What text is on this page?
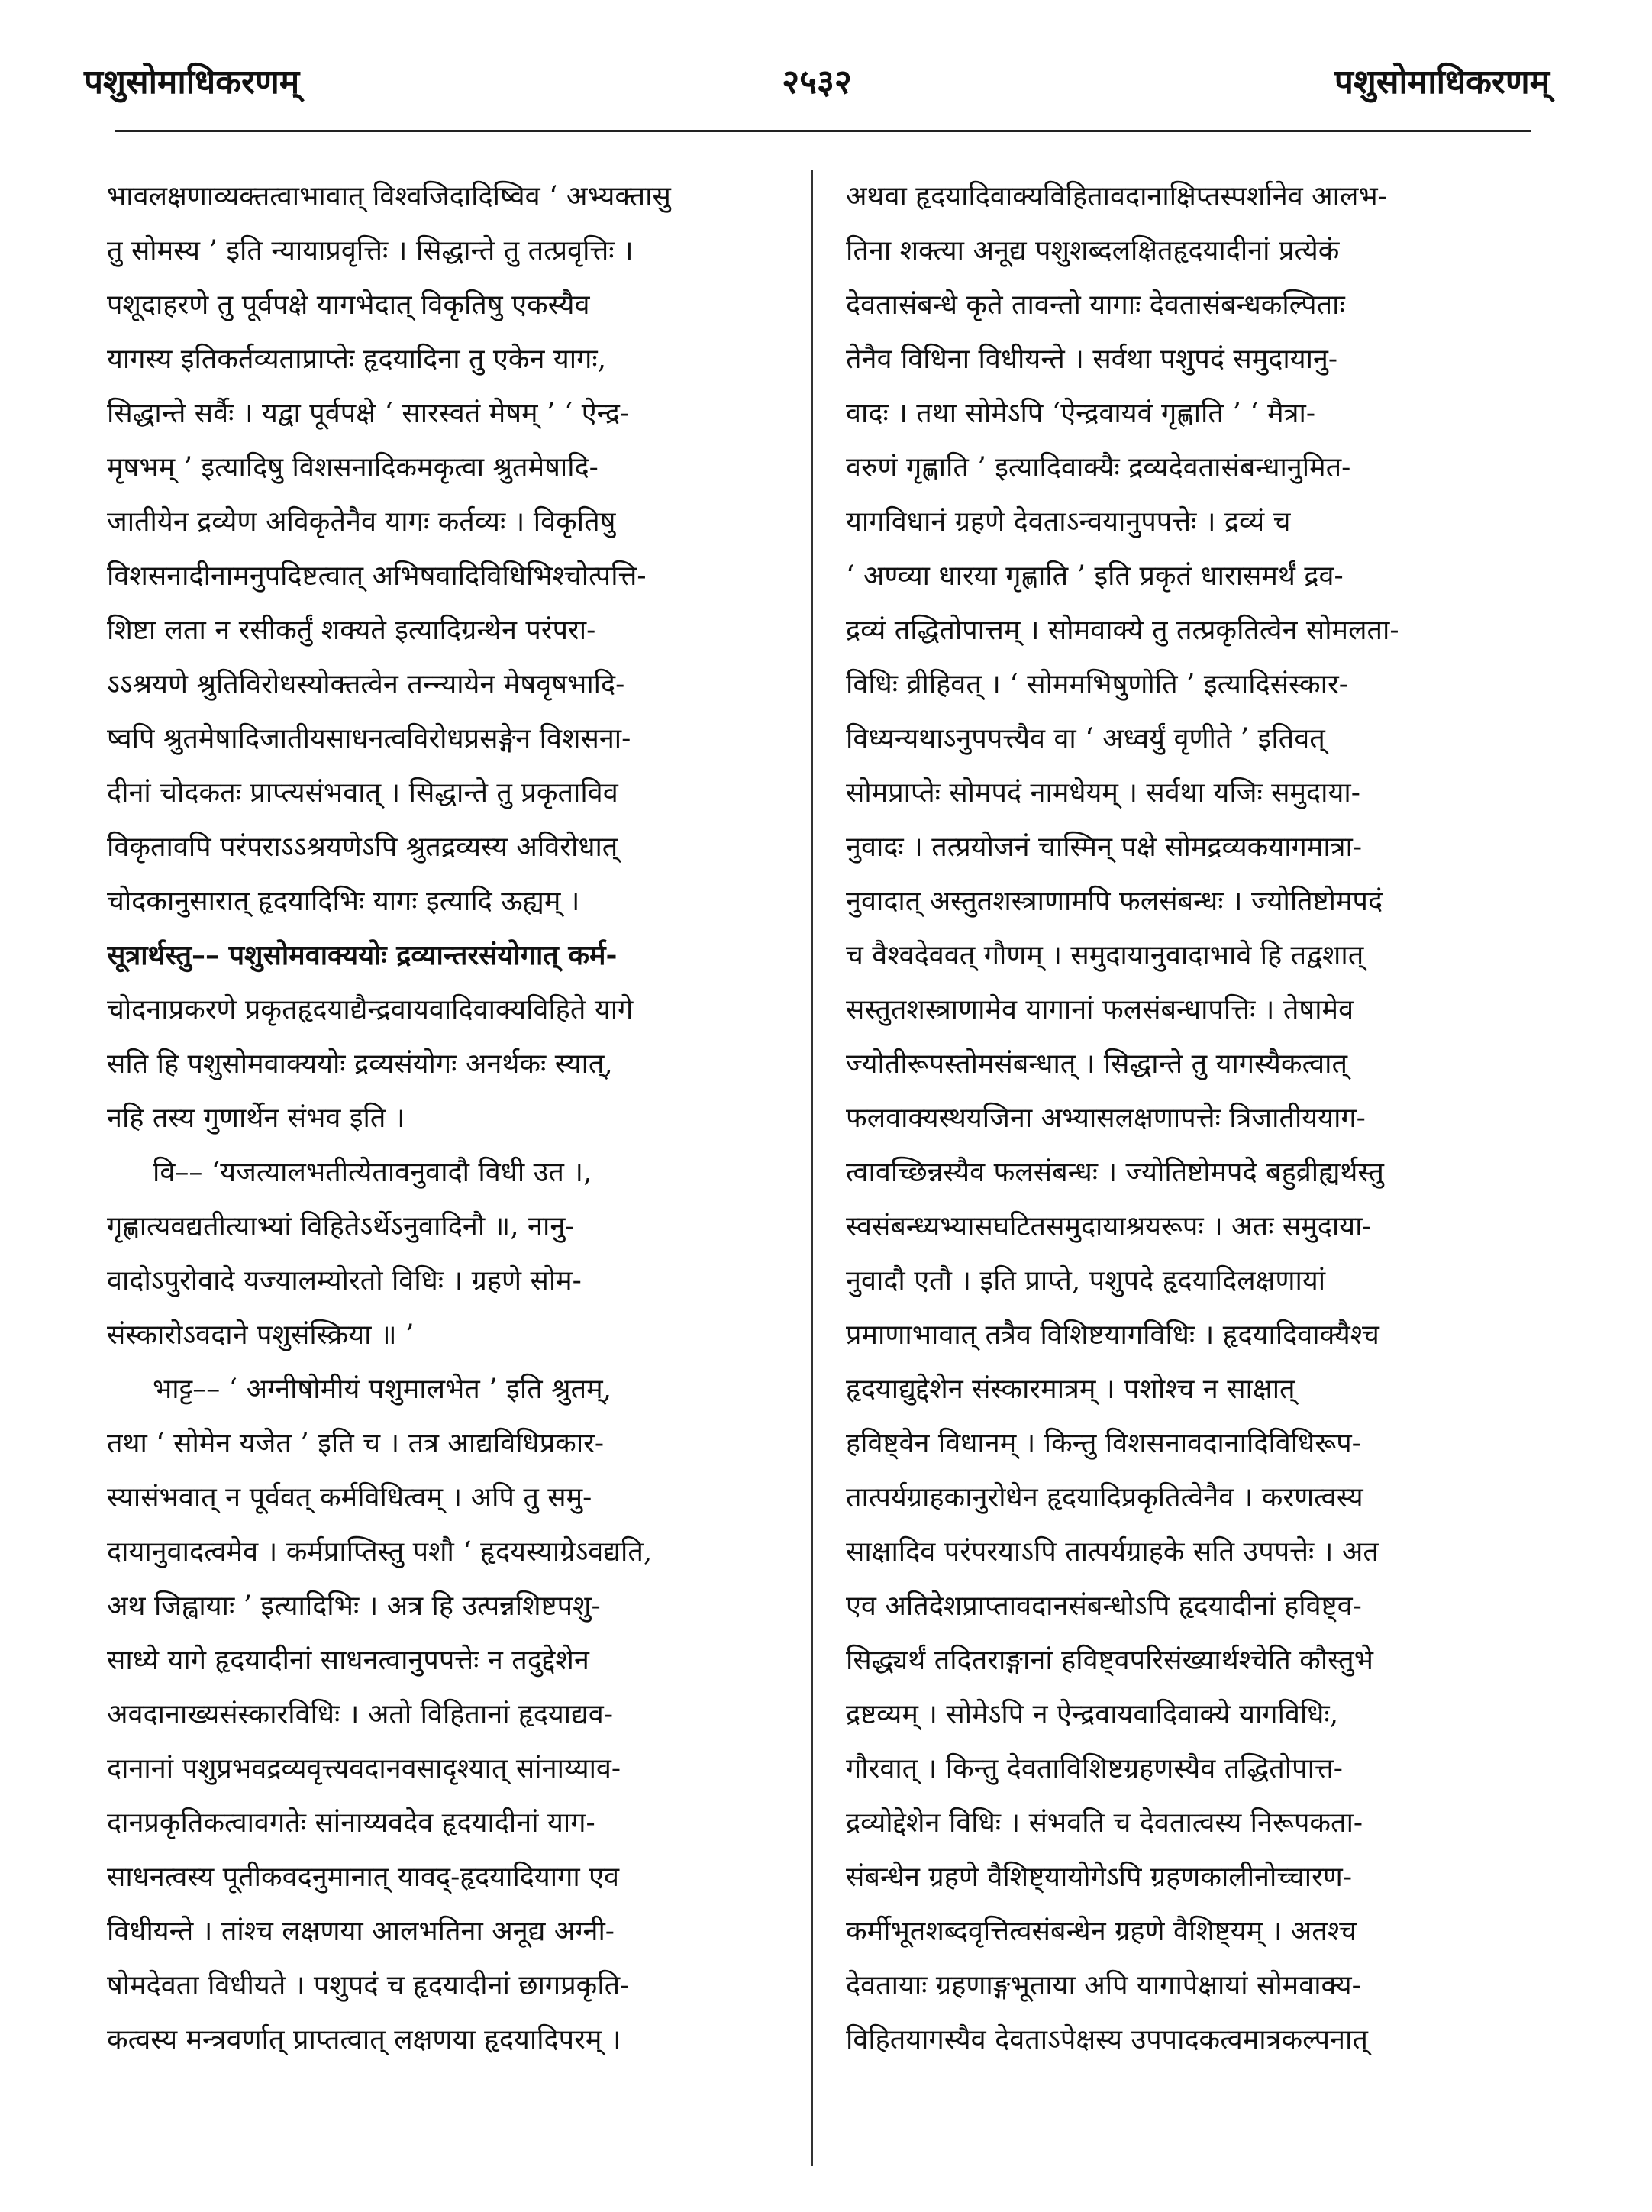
२५३२
पशुसोमाधिकरणम्	पशुसोमाधिकरणम्
भावलक्षणाव्यक्तत्वाभावात् विश्वजिदादिष्विव ‘ अभ्यक्तासु
तु सोमस्य ’ इति न्यायाप्रवृत्तिः । सिद्धान्ते तु तत्प्रवृत्तिः ।
पशूदाहरणे तु पूर्वपक्षे यागभेदात् विकृतिषु एकस्यैव
यागस्य इतिकर्तव्यताप्राप्तेः हृदयादिना तु एकेन यागः,
सिद्धान्ते सर्वैः । यद्वा पूर्वपक्षे ‘ सारस्वतं मेषम् ’ ‘ ऐन्द्र-
मृषभम् ’ इत्यादिषु विशसनादिकमकृत्वा श्रुतमेषादि-
जातीयेन द्रव्येण अविकृतेनैव यागः कर्तव्यः । विकृतिषु
विशसनादीनामनुपदिष्टत्वात् अभिषवादिविधिभिश्चोत्पत्ति-
शिष्टा लता न रसीकर्तुं शक्यते इत्यादिग्रन्थेन परंपरा-
ऽऽश्रयणे श्रुतिविरोधस्योक्तत्वेन तन्न्यायेन मेषवृषभादि-
ष्वपि श्रुतमेषादिजातीयसाधनत्वविरोधप्रसङ्गेन विशसना-
दीनां चोदकतः प्राप्त्यसंभवात् । सिद्धान्ते तु प्रकृताविव
विकृतावपि परंपराऽऽश्रयणेऽपि श्रुतद्रव्यस्य अविरोधात्
चोदकानुसारात् हृदयादिभिः यागः इत्यादि ऊह्यम् ।
सूत्रार्थस्तु–– पशुसोमवाक्ययोः द्रव्यान्तरसंयोगात् कर्म-
चोदनाप्रकरणे प्रकृतहृदयाद्यैन्द्रवायवादिवाक्यविहिते यागे
सति हि पशुसोमवाक्ययोः द्रव्यसंयोगः अनर्थकः स्यात्,
नहि तस्य गुणार्थेन संभव इति ।
वि–– ‘यजत्यालभतीत्येतावनुवादौ विधी उत ।,
गृह्णात्यवद्यतीत्याभ्यां विहितेऽर्थेऽनुवादिनौ ॥, नानु-
वादोऽपुरोवादे यज्यालम्योरतो विधिः । ग्रहणे सोम-
संस्कारोऽवदाने पशुसंस्क्रिया ॥ ’
भाट्ट–– ‘ अग्नीषोमीयं पशुमालभेत ’ इति श्रुतम्,
तथा ‘ सोमेन यजेत ’ इति च । तत्र आद्यविधिप्रकार-
स्यासंभवात् न पूर्ववत् कर्मविधित्वम् । अपि तु समु-
दायानुवादत्वमेव । कर्मप्राप्तिस्तु पशौ ‘ हृदयस्याग्रेऽवद्यति,
अथ जिह्वायाः ’ इत्यादिभिः । अत्र हि उत्पन्नशिष्टपशु-
साध्ये यागे हृदयादीनां साधनत्वानुपपत्तेः न तदुद्देशेन
अवदानाख्यसंस्कारविधिः । अतो विहितानां हृदयाद्यव-
दानानां पशुप्रभवद्रव्यवृत्त्यवदानवसादृश्यात् सांनाय्याव-
दानप्रकृतिकत्वावगतेः सांनाय्यवदेव हृदयादीनां याग-
साधनत्वस्य पूतीकवदनुमानात् यावद्-हृदयादियागा एव
विधीयन्ते । तांश्च लक्षणया आलभतिना अनूद्य अग्नी-
षोमदेवता विधीयते । पशुपदं च हृदयादीनां छागप्रकृति-
कत्वस्य मन्त्रवर्णात् प्राप्तत्वात् लक्षणया हृदयादिपरम् ।
अथवा हृदयादिवाक्यविहितावदानाक्षिप्तस्पर्शानेव आलभ-
तिना शक्त्या अनूद्य पशुशब्दलक्षितहृदयादीनां प्रत्येकं
देवतासंबन्धे कृते तावन्तो यागाः देवतासंबन्धकल्पिताः
तेनैव विधिना विधीयन्ते । सर्वथा पशुपदं समुदायानु-
वादः । तथा सोमेऽपि ‘ऐन्द्रवायवं गृह्णाति ’ ‘ मैत्रा-
वरुणं गृह्णाति ’ इत्यादिवाक्यैः द्रव्यदेवतासंबन्धानुमित-
यागविधानं ग्रहणे देवताऽन्वयानुपपत्तेः । द्रव्यं च
‘ अण्व्या धारया गृह्णाति ’ इति प्रकृतं धारासमर्थं द्रव-
द्रव्यं तद्धितोपात्तम् । सोमवाक्ये तु तत्प्रकृतित्वेन सोमलता-
विधिः व्रीहिवत् । ‘ सोममभिषुणोति ’ इत्यादिसंस्कार-
विध्यन्यथाऽनुपपत्त्यैव वा ‘ अध्वर्युं वृणीते ’ इतिवत्
सोमप्राप्तेः सोमपदं नामधेयम् । सर्वथा यजिः समुदाया-
नुवादः । तत्प्रयोजनं चास्मिन् पक्षे सोमद्रव्यकयागमात्रा-
नुवादात् अस्तुतशस्त्राणामपि फलसंबन्धः । ज्योतिष्टोमपदं
च वैश्वदेववत् गौणम् । समुदायानुवादाभावे हि तद्वशात्
सस्तुतशस्त्राणामेव यागानां फलसंबन्धापत्तिः । तेषामेव
ज्योतीरूपस्तोमसंबन्धात् । सिद्धान्ते तु यागस्यैकत्वात्
फलवाक्यस्थयजिना अभ्यासलक्षणापत्तेः त्रिजातीययाग-
त्वावच्छिन्नस्यैव फलसंबन्धः । ज्योतिष्टोमपदे बहुव्रीह्यर्थस्तु
स्वसंबन्ध्यभ्यासघटितसमुदायाश्रयरूपः । अतः समुदाया-
नुवादौ एतौ । इति प्राप्ते, पशुपदे हृदयादिलक्षणायां
प्रमाणाभावात् तत्रैव विशिष्टयागविधिः । हृदयादिवाक्यैश्च
हृदयाद्युद्देशेन संस्कारमात्रम् । पशोश्च न साक्षात्
हविष्ट्वेन विधानम् । किन्तु विशसनावदानादिविधिरूप-
तात्पर्यग्राहकानुरोधेन हृदयादिप्रकृतित्वेनैव । करणत्वस्य
साक्षादिव परंपरयाऽपि तात्पर्यग्राहके सति उपपत्तेः । अत
एव अतिदेशप्राप्तावदानसंबन्धोऽपि हृदयादीनां हविष्ट्व-
सिद्ध्यर्थं तदितराङ्गानां हविष्ट्वपरिसंख्यार्थश्चेति कौस्तुभे
द्रष्टव्यम् । सोमेऽपि न ऐन्द्रवायवादिवाक्ये यागविधिः,
गौरवात् । किन्तु देवताविशिष्टग्रहणस्यैव तद्धितोपात्त-
द्रव्योद्देशेन विधिः । संभवति च देवतात्वस्य निरूपकता-
संबन्धेन ग्रहणे वैशिष्ट्यायोगेऽपि ग्रहणकालीनोच्चारण-
कर्मीभूतशब्दवृत्तित्वसंबन्धेन ग्रहणे वैशिष्ट्यम् । अतश्च
देवतायाः ग्रहणाङ्गभूताया अपि यागापेक्षायां सोमवाक्य-
विहितयागस्यैव देवताऽपेक्षस्य उपपादकत्वमात्रकल्पनात्
